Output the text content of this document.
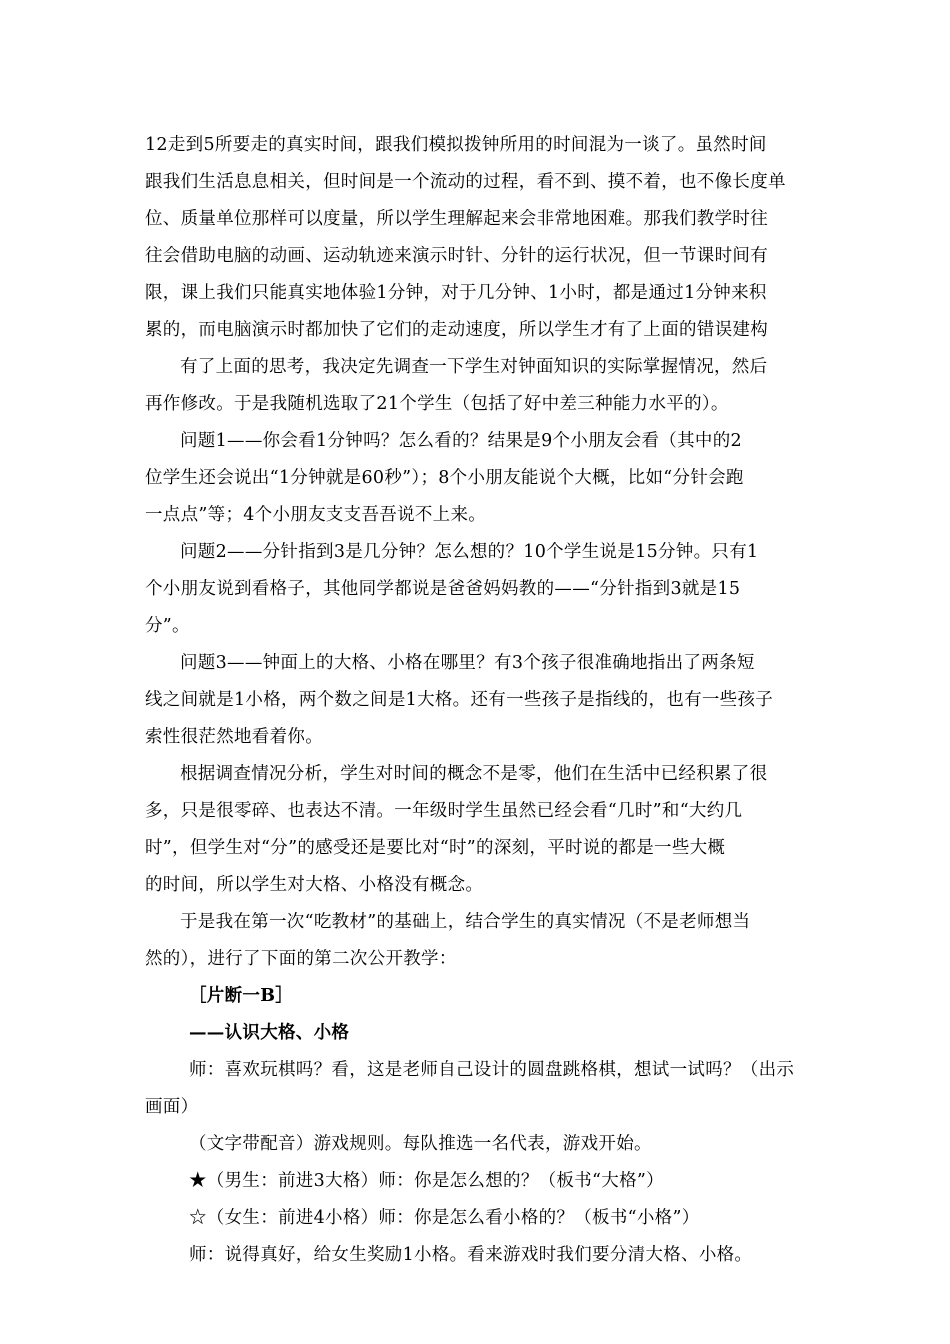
12走到5所要走的真实时间，跟我们模拟拨钟所用的时间混为一谈了。虽然时间
跟我们生活息息相关，但时间是一个流动的过程，看不到、摸不着，也不像长度单
位、质量单位那样可以度量，所以学生理解起来会非常地困难。那我们教学时往
往会借助电脑的动画、运动轨迹来演示时针、分针的运行状况，但一节课时间有
限，课上我们只能真实地体验1分钟，对于几分钟、1小时，都是通过1分钟来积
累的，而电脑演示时都加快了它们的走动速度，所以学生才有了上面的错误建构
有了上面的思考，我决定先调查一下学生对钟面知识的实际掌握情况，然后
再作修改。于是我随机选取了21个学生（包括了好中差三种能力水平的）。
问题1——你会看1分钟吗？怎么看的？结果是9个小朋友会看（其中的2
位学生还会说出“1分钟就是60秒”）；8个小朋友能说个大概，比如“分针会跑
一点点”等；4个小朋友支支吾吾说不上来。
问题2——分针指到3是几分钟？怎么想的？10个学生说是15分钟。只有1
个小朋友说到看格子，其他同学都说是爸爸妈妈教的——“分针指到3就是15
分”。
问题3——钟面上的大格、小格在哪里？有3个孩子很准确地指出了两条短
线之间就是1小格，两个数之间是1大格。还有一些孩子是指线的，也有一些孩子
索性很茫然地看着你。
根据调查情况分析，学生对时间的概念不是零，他们在生活中已经积累了很
多，只是很零碎、也表达不清。一年级时学生虽然已经会看“几时”和“大约几
时”，但学生对“分”的感受还是要比对“时”的深刻，平时说的都是一些大概
的时间，所以学生对大格、小格没有概念。
于是我在第一次“吃教材”的基础上，结合学生的真实情况（不是老师想当
然的），进行了下面的第二次公开教学：
［片断一B］
——认识大格、小格
师：喜欢玩棋吗？看，这是老师自己设计的圆盘跳格棋，想试一试吗？（出示
画面）
（文字带配音）游戏规则。每队推选一名代表，游戏开始。
★（男生：前进3大格）师：你是怎么想的？（板书“大格”）
☆（女生：前进4小格）师：你是怎么看小格的？（板书“小格”）
师：说得真好，给女生奖励1小格。看来游戏时我们要分清大格、小格。
